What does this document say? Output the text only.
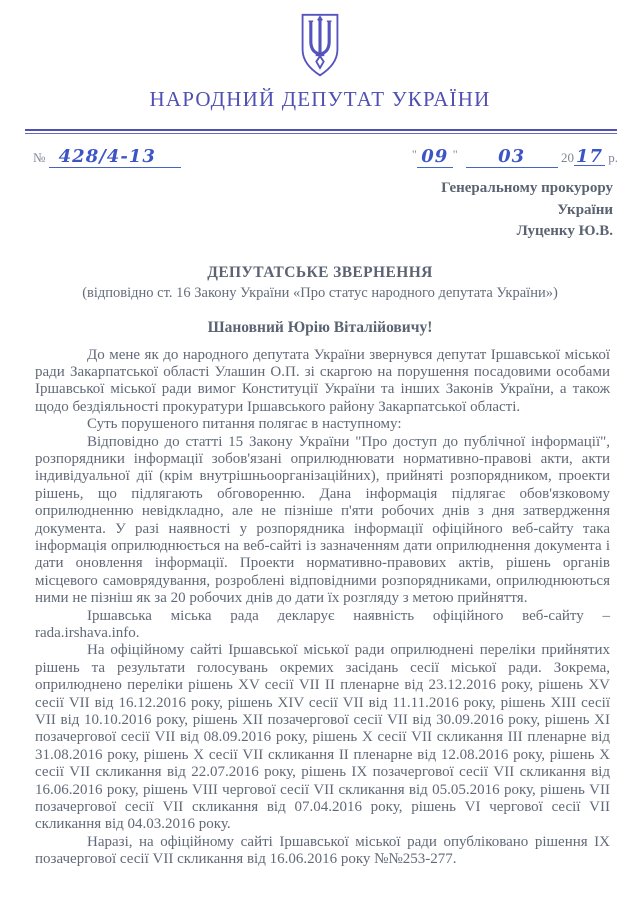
НАРОДНИЙ ДЕПУТАТ УКРАЇНИ
№ 428/4-13	" 09 " 03	20 17 р.
Генеральному прокурору
України
Луценку Ю.В.
ДЕПУТАТСЬКЕ ЗВЕРНЕННЯ
(відповідно ст. 16 Закону України «Про статус народного депутата України»)
Шановний Юрію Віталійовичу!

До мене як до народного депутата України звернувся депутат Іршавської міської ради Закарпатської області Улашин О.П. зі скаргою на порушення посадовими особами Іршавської міської ради вимог Конституції України та інших Законів України, а також щодо бездіяльності прокуратури Іршавського району Закарпатської області.

Суть порушеного питання полягає в наступному:

Відповідно до статті 15 Закону України "Про доступ до публічної інформації", розпорядники інформації зобов'язані оприлюднювати нормативно-правові акти, акти індивідуальної дії (крім внутрішньоорганізаційних), прийняті розпорядником, проекти рішень, що підлягають обговоренню. Дана інформація підлягає обов'язковому оприлюдненню невідкладно, але не пізніше п'яти робочих днів з дня затвердження документа. У разі наявності у розпорядника інформації офіційного веб-сайту така інформація оприлюднюється на веб-сайті із зазначенням дати оприлюднення документа і дати оновлення інформації. Проекти нормативно-правових актів, рішень органів місцевого самоврядування, розроблені відповідними розпорядниками, оприлюднюються ними не пізніш як за 20 робочих днів до дати їх розгляду з метою прийняття.

Іршавська міська рада декларує наявність офіційного веб-сайту – rada.irshava.info.

На офіційному сайті Іршавської міської ради оприлюднені переліки прийнятих рішень та результати голосувань окремих засідань сесії міської ради. Зокрема, оприлюднено переліки рішень XV сесії VII II пленарне від 23.12.2016 року, рішень XV сесії VII від 16.12.2016 року, рішень XIV сесії VII від 11.11.2016 року, рішень XIII сесії VII від 10.10.2016 року, рішень XII позачергової сесії VII від 30.09.2016 року, рішень XI позачергової сесії VII від 08.09.2016 року, рішень X сесії VII скликання III пленарне від 31.08.2016 року, рішень X сесії VII скликання II пленарне від 12.08.2016 року, рішень X сесії VII скликання від 22.07.2016 року, рішень IX позачергової сесії VII скликання від 16.06.2016 року, рішень VIII чергової сесії VII скликання від 05.05.2016 року, рішень VII позачергової сесії VII скликання від 07.04.2016 року, рішень VI чергової сесії VII скликання від 04.03.2016 року.

Наразі, на офіційному сайті Іршавської міської ради опубліковано рішення IX позачергової сесії VII скликання від 16.06.2016 року №№253-277.
